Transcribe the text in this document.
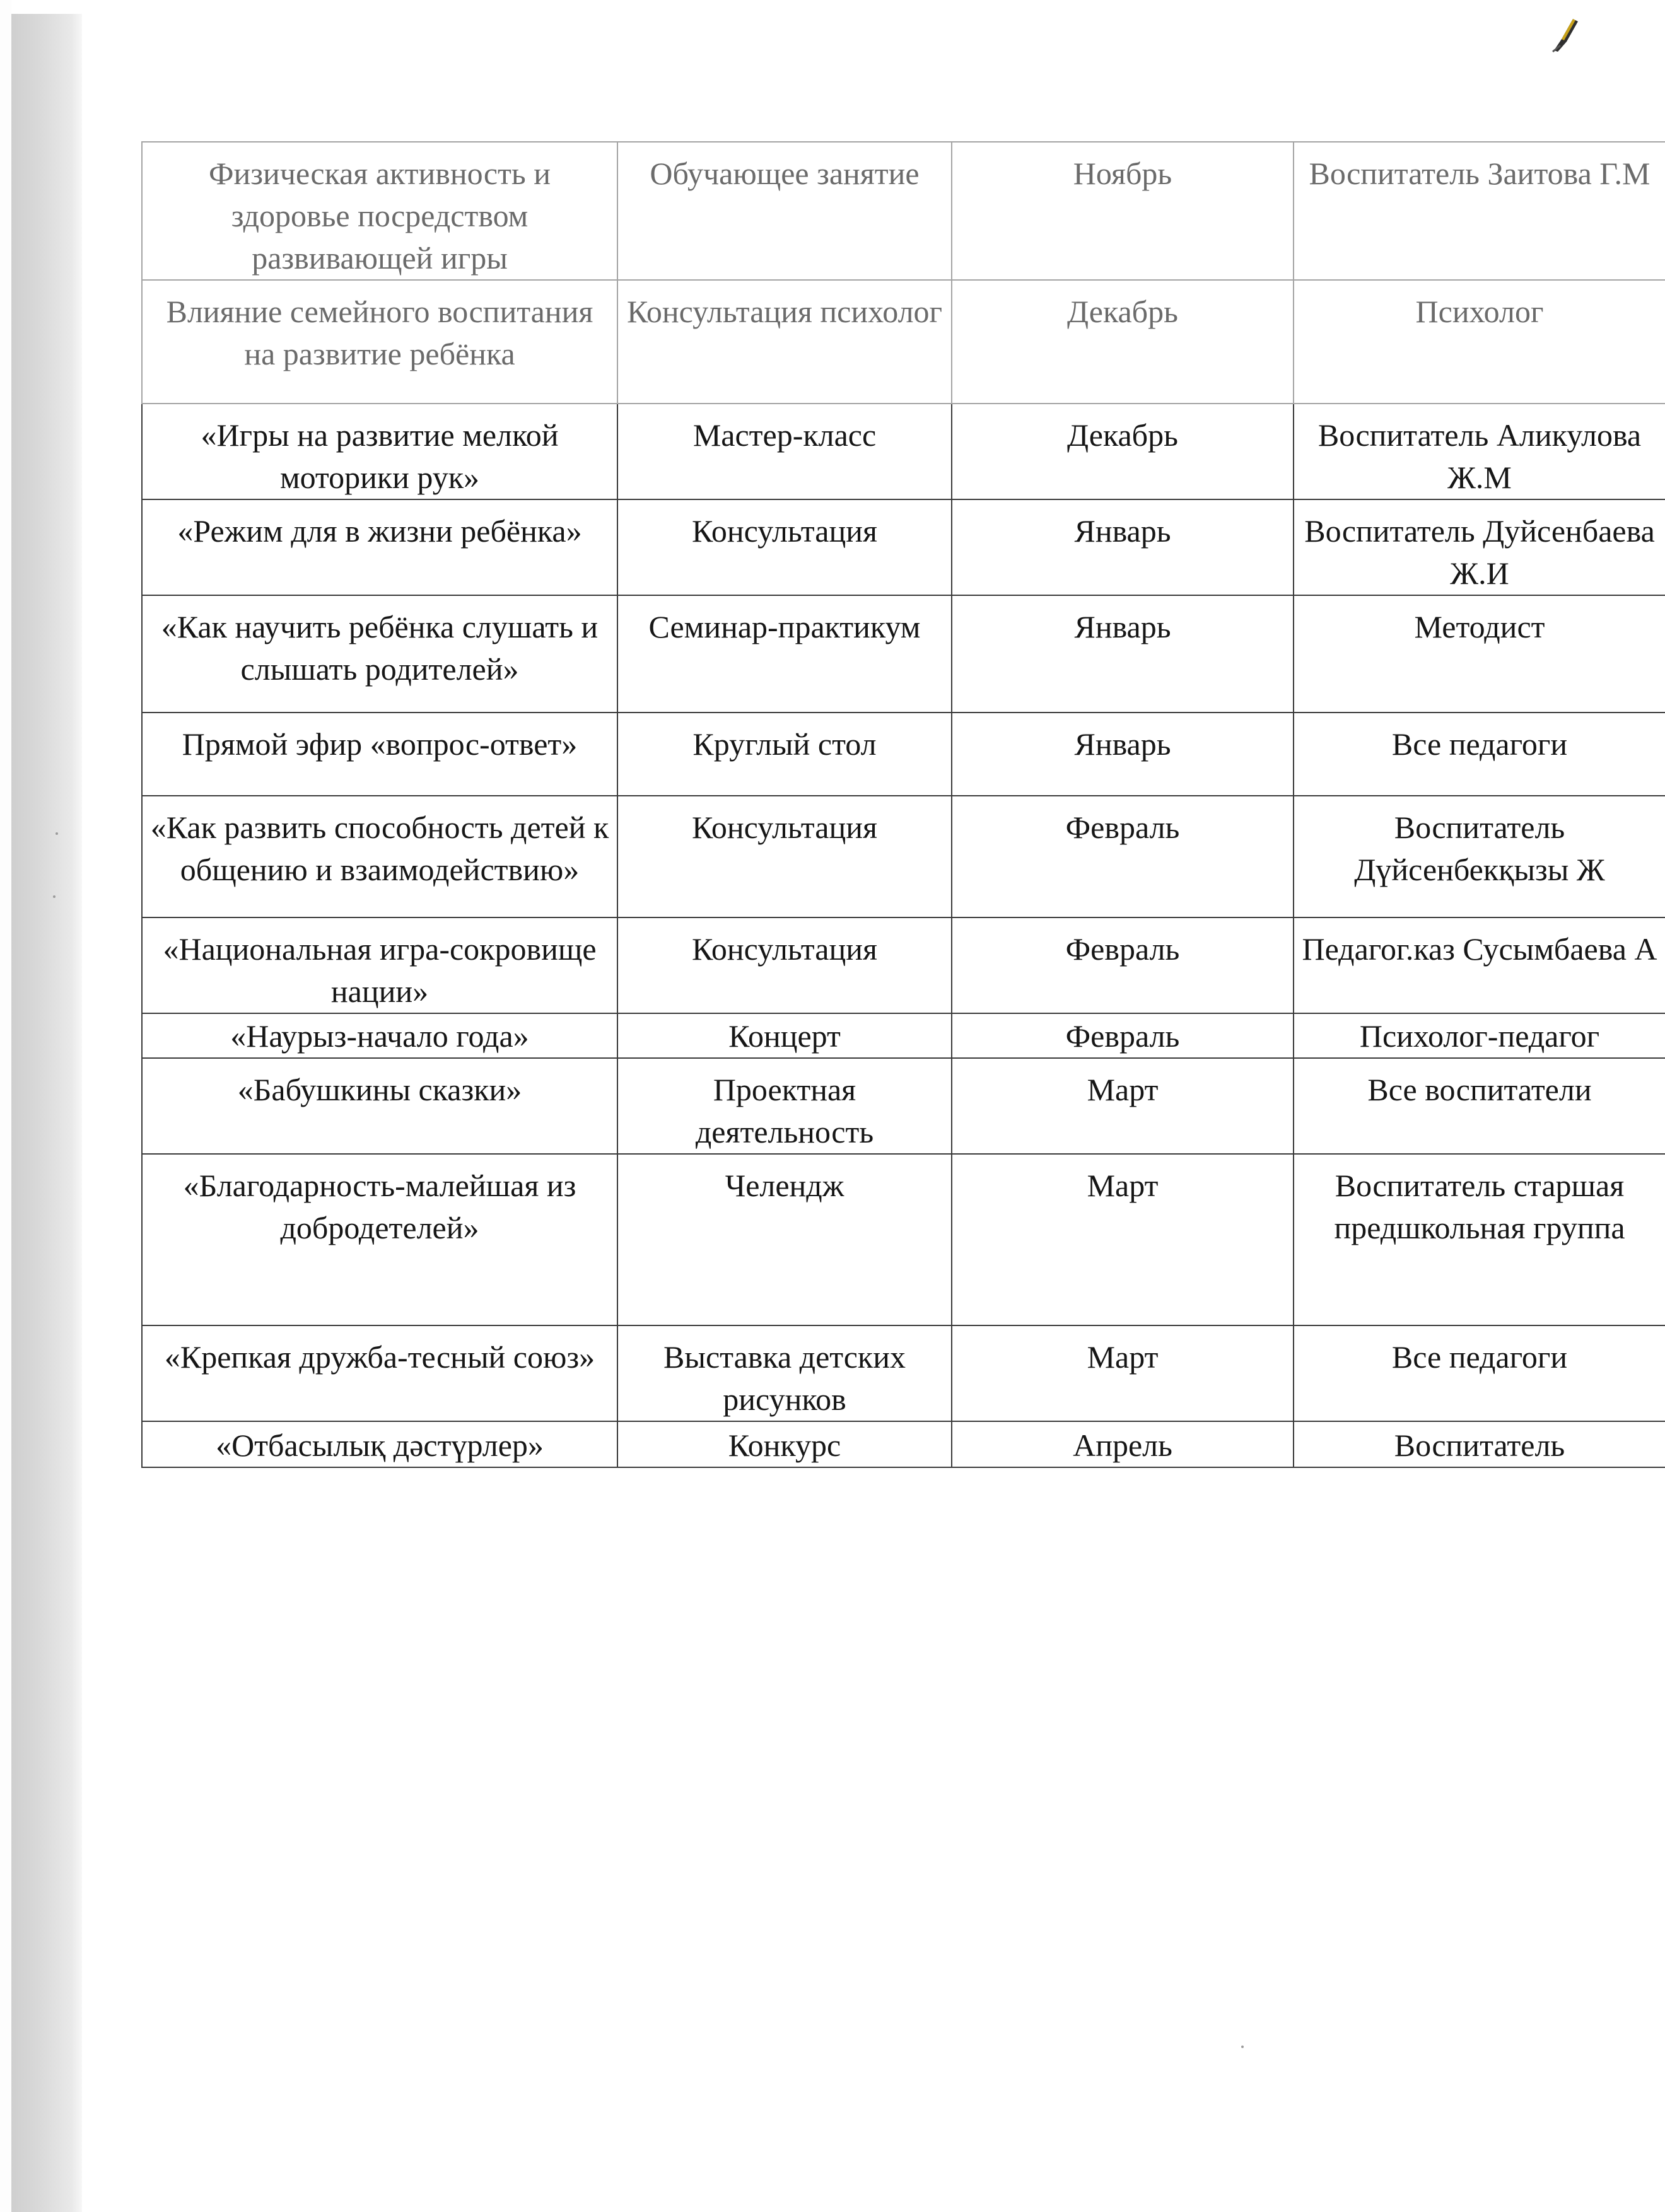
Физическая активность и здоровье посредством развивающей игры	Обучающее занятие	Ноябрь	Воспитатель Заитова Г.М
Влияние семейного воспитания на развитие ребёнка	Консультация психолог	Декабрь	Психолог
«Игры на развитие мелкой моторики рук»	Мастер-класс	Декабрь	Воспитатель Аликулова Ж.М
«Режим для в жизни ребёнка»	Консультация	Январь	Воспитатель Дуйсенбаева Ж.И
«Как научить ребёнка слушать и слышать родителей»	Семинар-практикум	Январь	Методист
Прямой эфир «вопрос-ответ»	Круглый стол	Январь	Все педагоги
«Как развить способность детей к общению и взаимодействию»	Консультация	Февраль	Воспитатель Дүйсенбекқызы Ж
«Национальная игра-сокровище нации»	Консультация	Февраль	Педагог.каз Сусымбаева А
«Наурыз-начало года»	Концерт	Февраль	Психолог-педагог
«Бабушкины сказки»	Проектная деятельность	Март	Все воспитатели
«Благодарность-малейшая из добродетелей»	Челендж	Март	Воспитатель старшая предшкольная группа
«Крепкая дружба-тесный союз»	Выставка детских рисунков	Март	Все педагоги
«Отбасылық дәстүрлер»	Конкурс	Апрель	Воспитатель
